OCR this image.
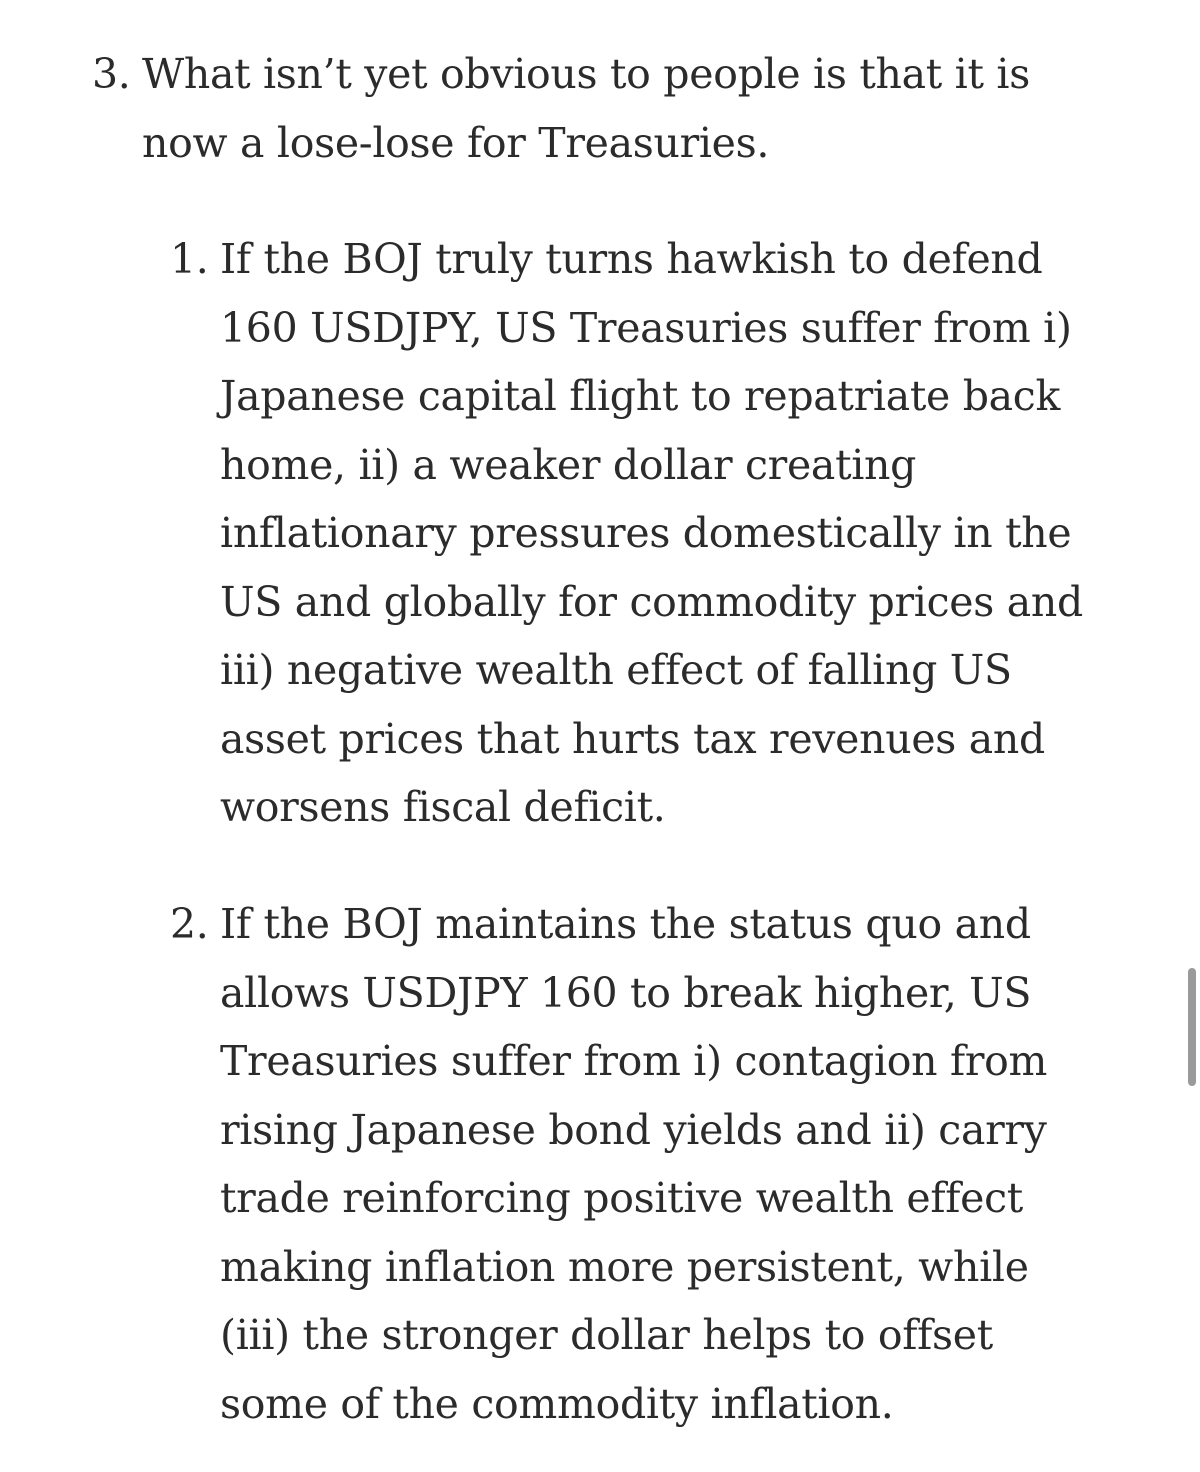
3. What isn’t yet obvious to people is that it is
now a lose-lose for Treasuries.
1. If the BOJ truly turns hawkish to defend
160 USDJPY, US Treasuries suffer from i)
Japanese capital flight to repatriate back
home, ii) a weaker dollar creating
inflationary pressures domestically in the
US and globally for commodity prices and
iii) negative wealth effect of falling US
asset prices that hurts tax revenues and
worsens fiscal deficit.
2. If the BOJ maintains the status quo and
allows USDJPY 160 to break higher, US
Treasuries suffer from i) contagion from
rising Japanese bond yields and ii) carry
trade reinforcing positive wealth effect
making inflation more persistent, while
(iii) the stronger dollar helps to offset
some of the commodity inflation.
